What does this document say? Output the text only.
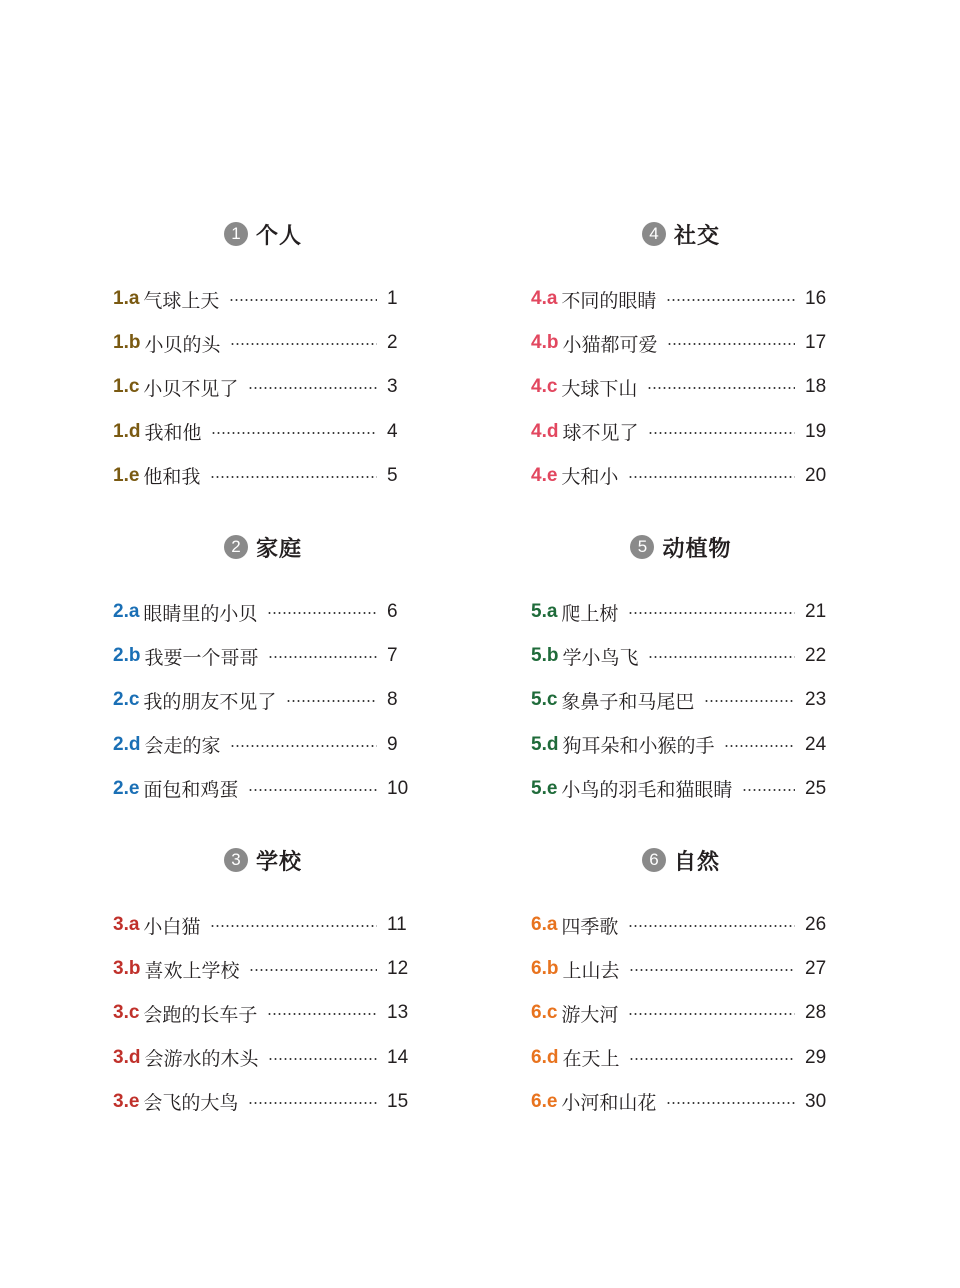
1 个人
1.a 气球上天	1
1.b 小贝的头	2
1.c 小贝不见了	3
1.d 我和他	4
1.e 他和我	5
2 家庭
2.a 眼睛里的小贝	6
2.b 我要一个哥哥	7
2.c 我的朋友不见了	8
2.d 会走的家	9
2.e 面包和鸡蛋	10
3 学校
3.a 小白猫	11
3.b 喜欢上学校	12
3.c 会跑的长车子	13
3.d 会游水的木头	14
3.e 会飞的大鸟	15
4 社交
4.a 不同的眼睛	16
4.b 小猫都可爱	17
4.c 大球下山	18
4.d 球不见了	19
4.e 大和小	20
5 动植物
5.a 爬上树	21
5.b 学小鸟飞	22
5.c 象鼻子和马尾巴	23
5.d 狗耳朵和小猴的手	24
5.e 小鸟的羽毛和猫眼睛	25
6 自然
6.a 四季歌	26
6.b 上山去	27
6.c 游大河	28
6.d 在天上	29
6.e 小河和山花	30
